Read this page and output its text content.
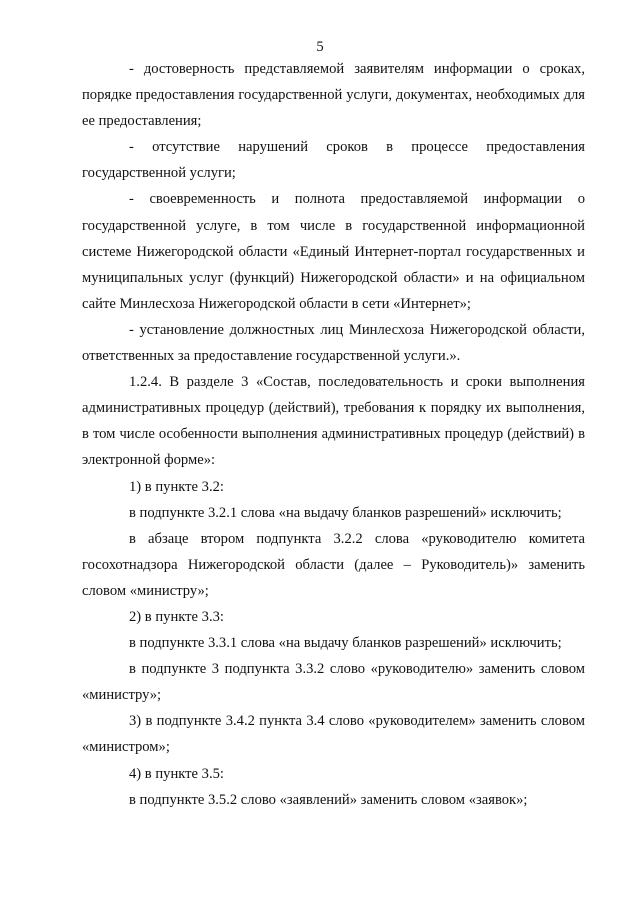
5

- достоверность представляемой заявителям информации о сроках, порядке предоставления государственной услуги, документах, необходимых для ее предоставления;

- отсутствие нарушений сроков в процессе предоставления государственной услуги;

- своевременность и полнота предоставляемой информации о государственной услуге, в том числе в государственной информационной системе Нижегородской области «Единый Интернет-портал государственных и муниципальных услуг (функций) Нижегородской области» и на официальном сайте Минлесхоза Нижегородской области в сети «Интернет»;

- установление должностных лиц Минлесхоза Нижегородской области, ответственных за предоставление государственной услуги.».

1.2.4. В разделе 3 «Состав, последовательность и сроки выполнения административных процедур (действий), требования к порядку их выполнения, в том числе особенности выполнения административных процедур (действий) в электронной форме»:

1) в пункте 3.2:

в подпункте 3.2.1 слова «на выдачу бланков разрешений» исключить;

в абзаце втором подпункта 3.2.2 слова «руководителю комитета госохотнадзора Нижегородской области (далее – Руководитель)» заменить словом «министру»;

2) в пункте 3.3:

в подпункте 3.3.1 слова «на выдачу бланков разрешений» исключить;

в подпункте 3 подпункта 3.3.2 слово «руководителю» заменить словом «министру»;

3) в подпункте 3.4.2 пункта 3.4 слово «руководителем» заменить словом «министром»;

4) в пункте 3.5:

в подпункте 3.5.2 слово «заявлений» заменить словом «заявок»;
